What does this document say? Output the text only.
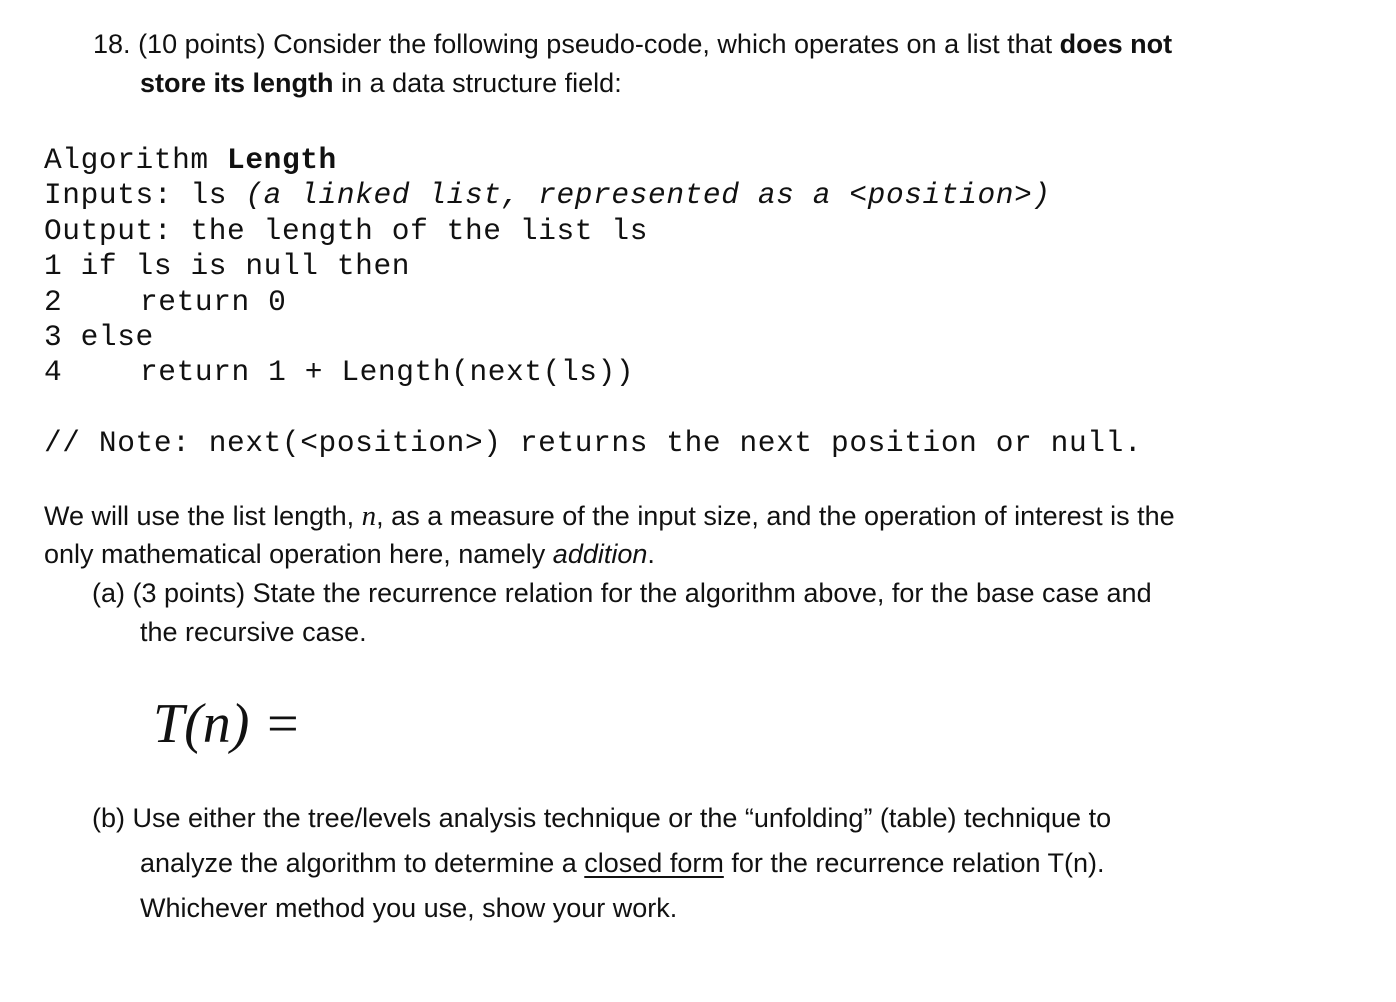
18. (10 points) Consider the following pseudo-code, which operates on a list that does not
store its length in a data structure field:
Algorithm Length
Inputs: ls (a linked list, represented as a <position>)
Output: the length of the list ls
1 if ls is null then
2	return 0
3 else
4	return 1 + Length(next(ls))
// Note: next(<position>) returns the next position or null.
We will use the list length, n, as a measure of the input size, and the operation of interest is the
only mathematical operation here, namely addition.
(a) (3 points) State the recurrence relation for the algorithm above, for the base case and
the recursive case.
T(n) =
(b) Use either the tree/levels analysis technique or the “unfolding” (table) technique to
analyze the algorithm to determine a closed form for the recurrence relation T(n).
Whichever method you use, show your work.
